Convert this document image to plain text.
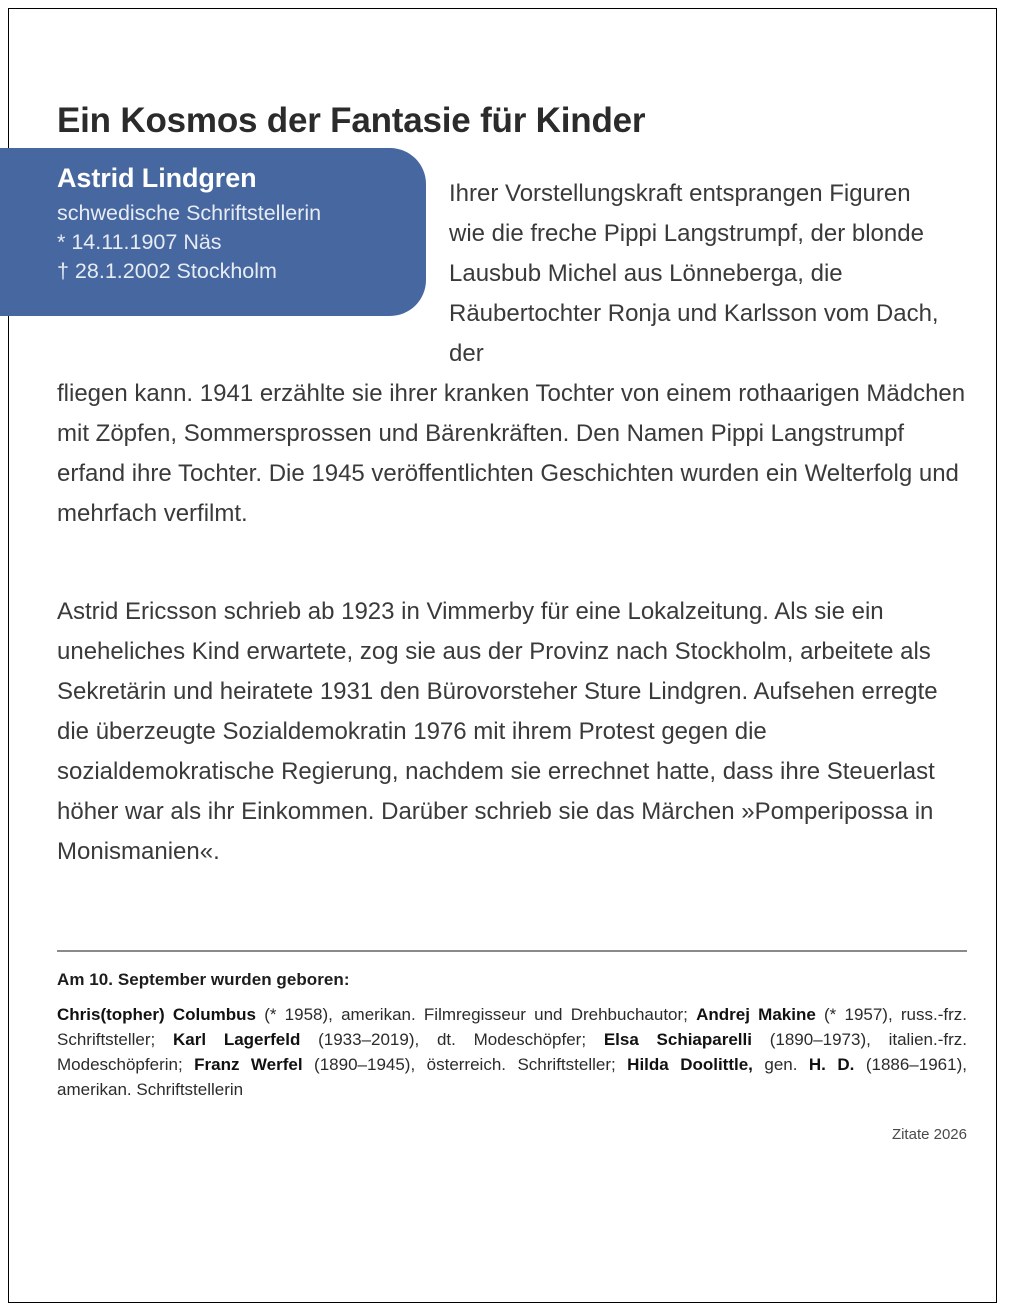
Ein Kosmos der Fantasie für Kinder
Astrid Lindgren
schwedische Schriftstellerin
* 14.11.1907 Näs
† 28.1.2002 Stockholm

Ihrer Vorstellungskraft entsprangen Figuren wie die freche Pippi Langstrumpf, der blonde Lausbub Michel aus Lönneberga, die Räubertochter Ronja und Karlsson vom Dach, der

fliegen kann. 1941 erzählte sie ihrer kranken Tochter von einem rothaarigen Mädchen mit Zöpfen, Sommersprossen und Bärenkräften. Den Namen Pippi Langstrumpf erfand ihre Tochter. Die 1945 veröffentlichten Geschichten wurden ein Welterfolg und mehrfach verfilmt.

Astrid Ericsson schrieb ab 1923 in Vimmerby für eine Lokalzeitung. Als sie ein uneheliches Kind erwartete, zog sie aus der Provinz nach Stockholm, arbeitete als Sekretärin und heiratete 1931 den Bürovorsteher Sture Lindgren. Aufsehen erregte die überzeugte Sozialdemokratin 1976 mit ihrem Protest gegen die sozialdemokratische Regierung, nachdem sie errechnet hatte, dass ihre Steuerlast höher war als ihr Einkommen. Darüber schrieb sie das Märchen »Pomperipossa in Monismanien«.

Am 10. September wurden geboren:

Chris(topher) Columbus (* 1958), amerikan. Filmregisseur und Drehbuchautor; Andrej Makine (* 1957), russ.-frz. Schriftsteller; Karl Lagerfeld (1933–2019), dt. Modeschöpfer; Elsa Schiaparelli (1890–1973), italien.-frz. Modeschöpferin; Franz Werfel (1890–1945), österreich. Schriftsteller; Hilda Doolittle, gen. H. D. (1886–1961), amerikan. Schriftstellerin

Zitate 2026
